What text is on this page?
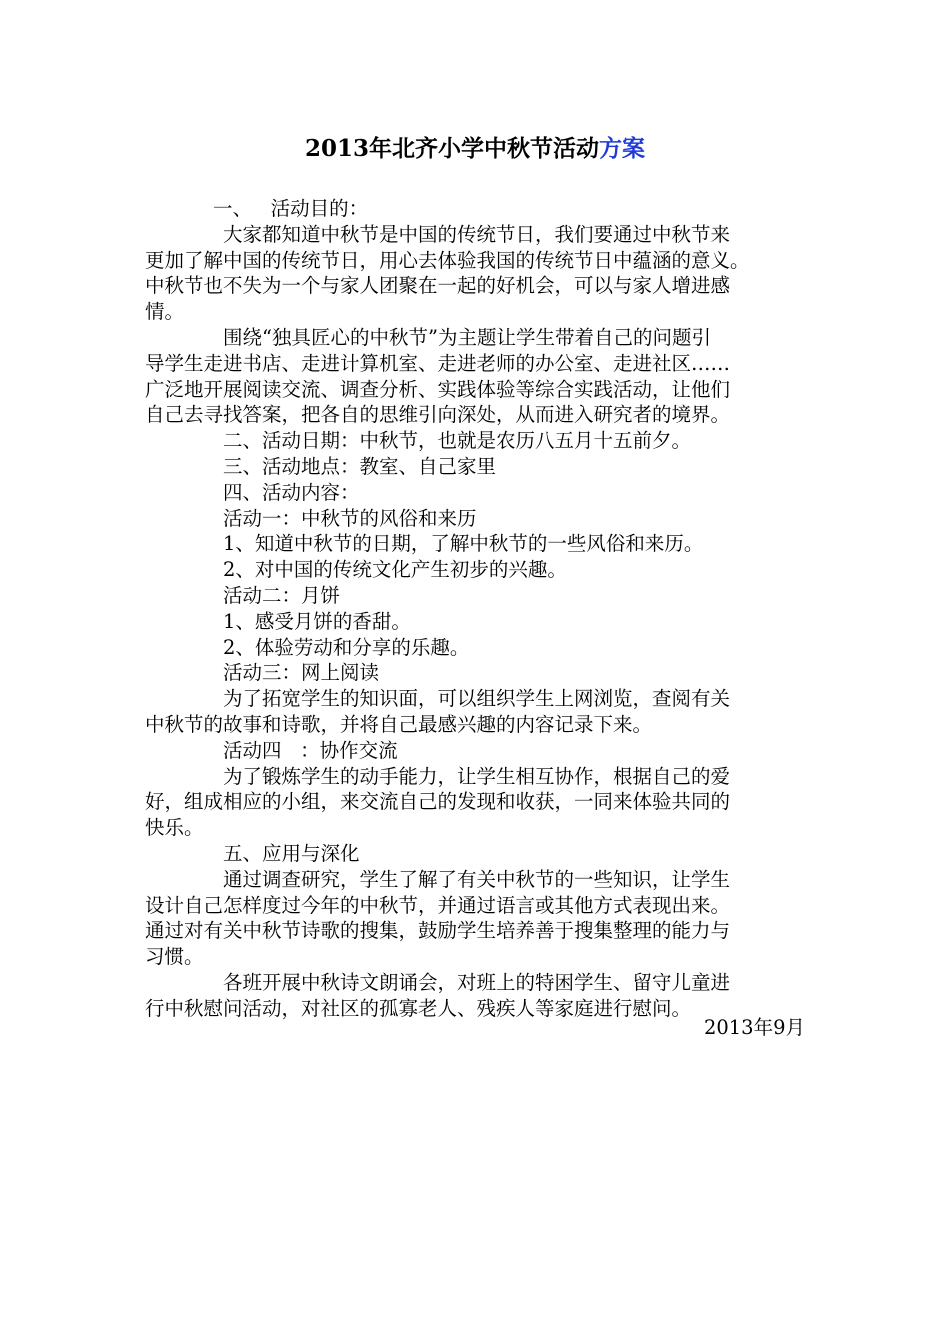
2013年北齐小学中秋节活动方案

一、   活动目的：

大家都知道中秋节是中国的传统节日，我们要通过中秋节来

更加了解中国的传统节日，用心去体验我国的传统节日中蕴涵的意义。

中秋节也不失为一个与家人团聚在一起的好机会，可以与家人增进感

情。

围绕“独具匠心的中秋节”为主题让学生带着自己的问题引

导学生走进书店、走进计算机室、走进老师的办公室、走进社区……

广泛地开展阅读交流、调查分析、实践体验等综合实践活动，让他们

自己去寻找答案，把各自的思维引向深处，从而进入研究者的境界。

二、活动日期：中秋节，也就是农历八五月十五前夕。

三、活动地点：教室、自己家里

四、活动内容：

活动一：中秋节的风俗和来历

1、知道中秋节的日期，了解中秋节的一些风俗和来历。

2、对中国的传统文化产生初步的兴趣。

活动二：月饼

1、感受月饼的香甜。

2、体验劳动和分享的乐趣。

活动三：网上阅读

为了拓宽学生的知识面，可以组织学生上网浏览，查阅有关

中秋节的故事和诗歌，并将自己最感兴趣的内容记录下来。

活动四   ：协作交流

为了锻炼学生的动手能力，让学生相互协作，根据自己的爱

好，组成相应的小组，来交流自己的发现和收获，一同来体验共同的

快乐。

五、应用与深化

通过调查研究，学生了解了有关中秋节的一些知识，让学生

设计自己怎样度过今年的中秋节，并通过语言或其他方式表现出来。

通过对有关中秋节诗歌的搜集，鼓励学生培养善于搜集整理的能力与

习惯。

各班开展中秋诗文朗诵会，对班上的特困学生、留守儿童进

行中秋慰问活动，对社区的孤寡老人、残疾人等家庭进行慰问。

2013年9月
